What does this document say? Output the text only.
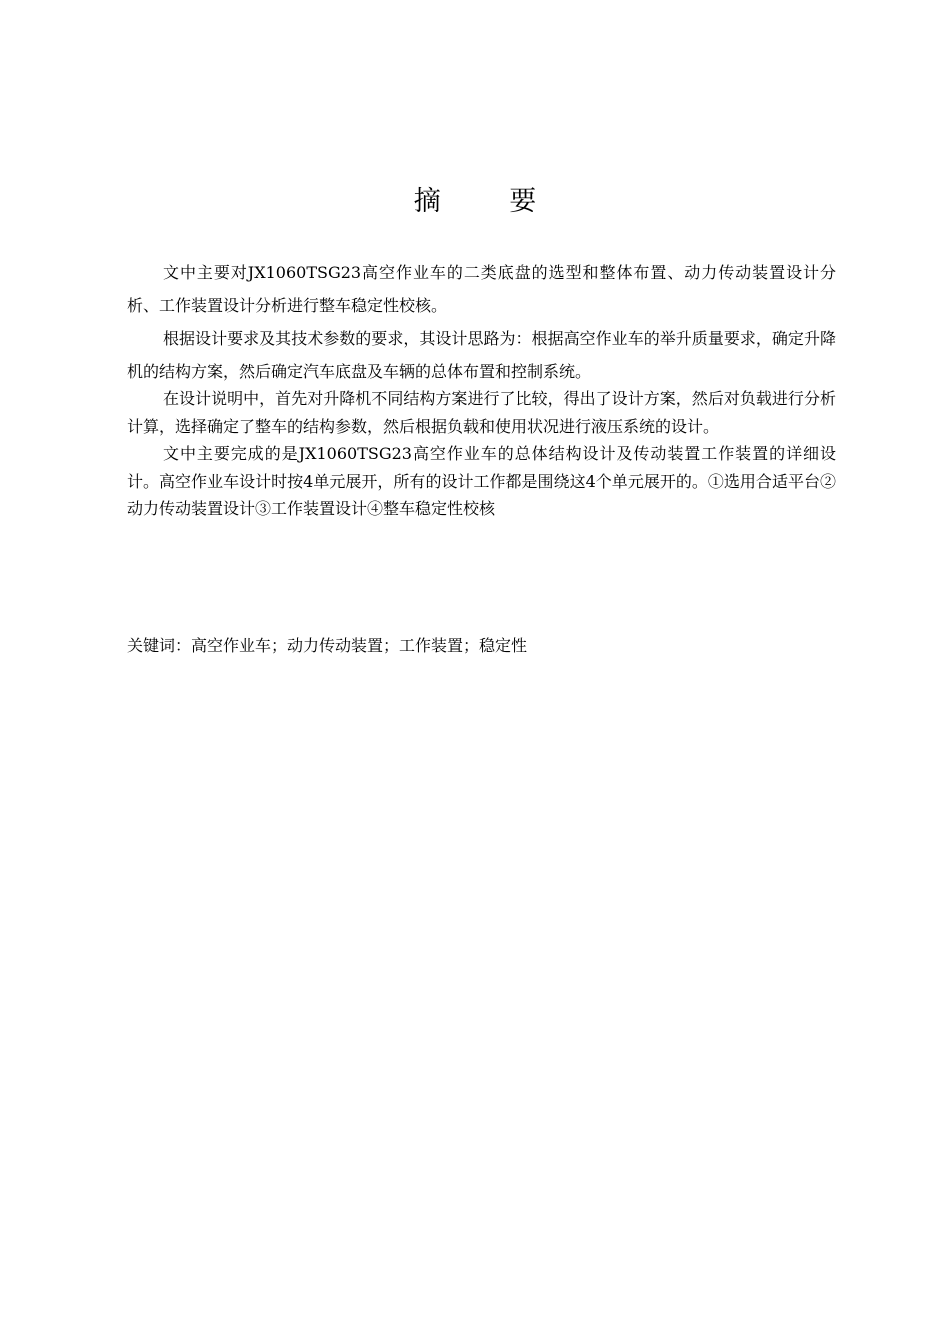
摘 要

文中主要对JX1060TSG23高空作业车的二类底盘的选型和整体布置、动力传动装置设计分析、工作装置设计分析进行整车稳定性校核。

根据设计要求及其技术参数的要求，其设计思路为：根据高空作业车的举升质量要求，确定升降机的结构方案，然后确定汽车底盘及车辆的总体布置和控制系统。

在设计说明中，首先对升降机不同结构方案进行了比较，得出了设计方案，然后对负载进行分析计算，选择确定了整车的结构参数，然后根据负载和使用状况进行液压系统的设计。

文中主要完成的是JX1060TSG23高空作业车的总体结构设计及传动装置工作装置的详细设计。高空作业车设计时按4单元展开，所有的设计工作都是围绕这4个单元展开的。①选用合适平台②动力传动装置设计③工作装置设计④整车稳定性校核

关键词：高空作业车；动力传动装置；工作装置；稳定性
